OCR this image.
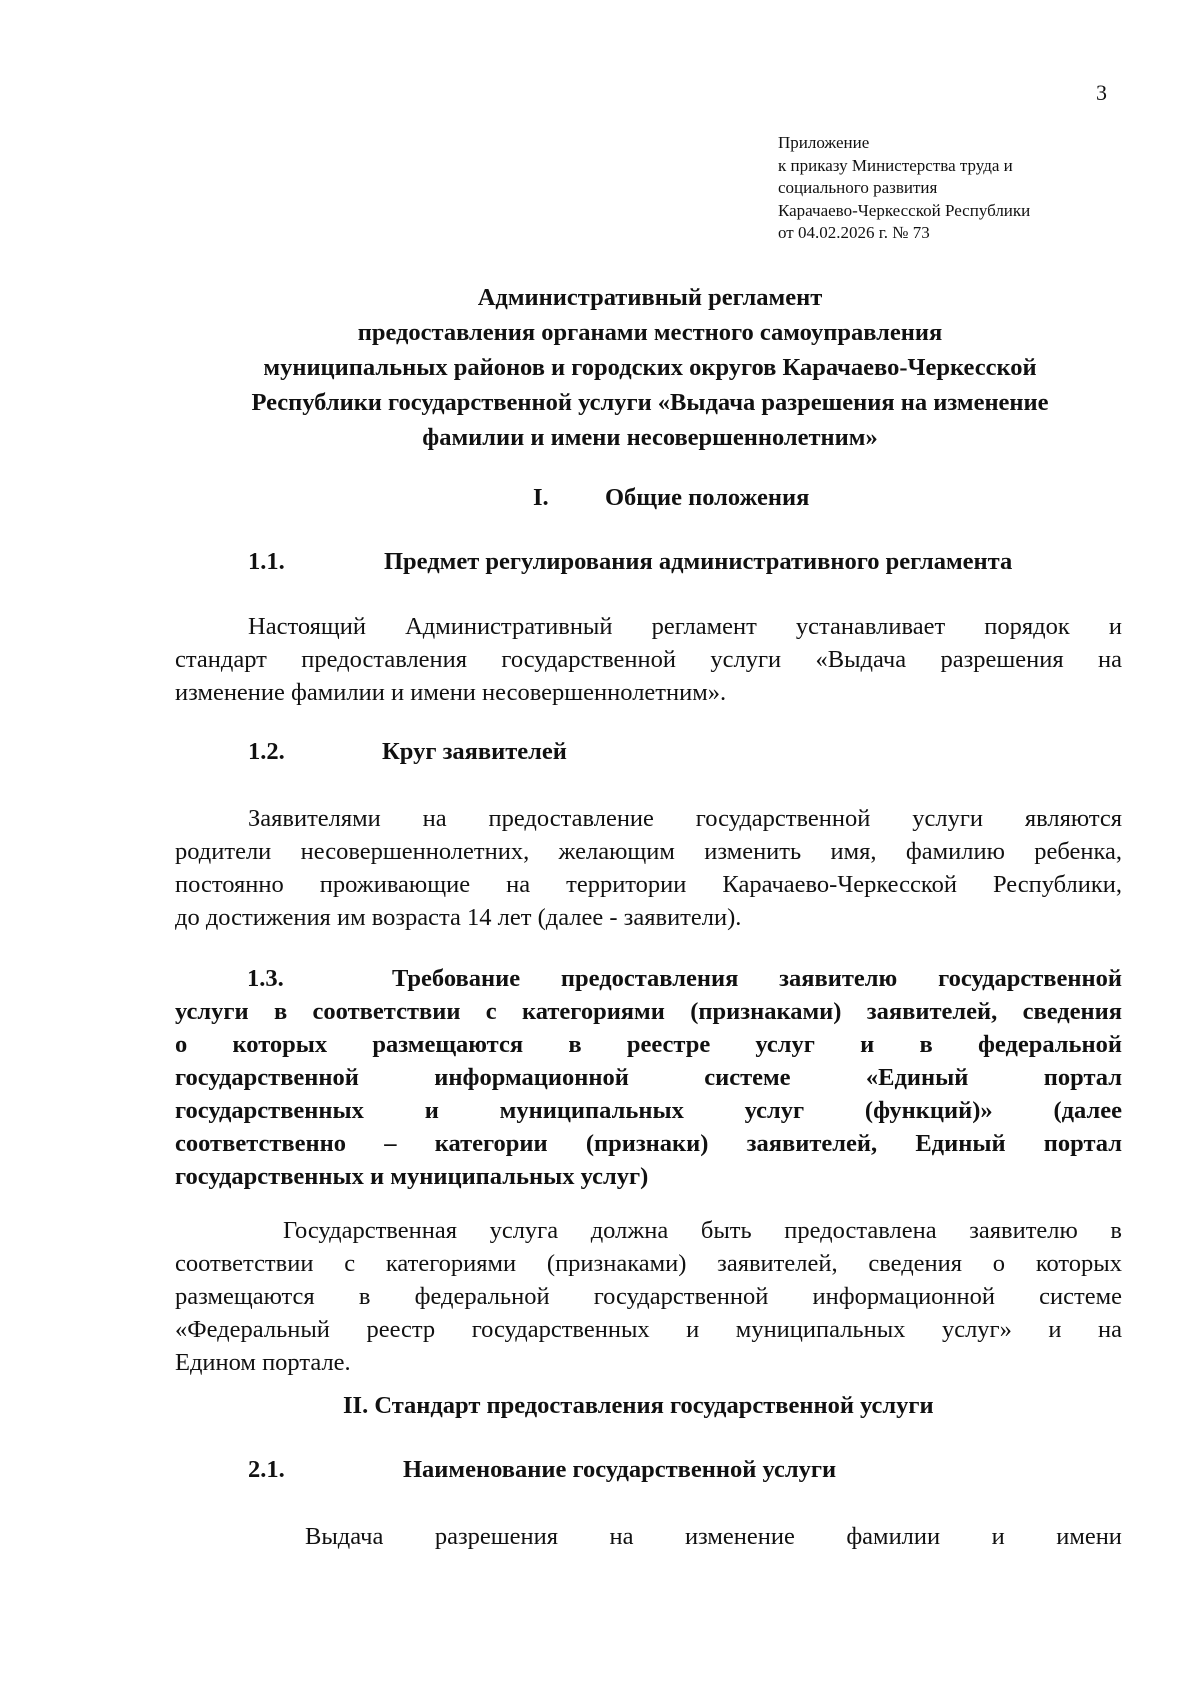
3
Приложение
к приказу Министерства труда и
социального развития
Карачаево-Черкесской Республики
от 04.02.2026 г. № 73
Административный регламент
предоставления органами местного самоуправления
муниципальных районов и городских округов Карачаево-Черкесской
Республики государственной услуги «Выдача разрешения на изменение
фамилии и имени несовершеннолетним»
I. Общие положения
1.1.	Предмет регулирования административного регламента
Настоящий Административный регламент устанавливает порядок и
стандарт предоставления государственной услуги «Выдача разрешения на
изменение фамилии и имени несовершеннолетним».
1.2.	Круг заявителей
Заявителями на предоставление государственной услуги являются
родители несовершеннолетних, желающим изменить имя, фамилию ребенка,
постоянно проживающие на территории Карачаево-Черкесской Республики,
до достижения им возраста 14 лет (далее - заявители).
1.3.	Требование предоставления заявителю государственной
услуги в соответствии с категориями (признаками) заявителей, сведения
о которых размещаются в реестре услуг и в федеральной
государственной информационной системе «Единый портал
государственных и муниципальных услуг (функций)» (далее
соответственно – категории (признаки) заявителей, Единый портал
государственных и муниципальных услуг)
Государственная услуга должна быть предоставлена заявителю в
соответствии с категориями (признаками) заявителей, сведения о которых
размещаются в федеральной государственной информационной системе
«Федеральный реестр государственных и муниципальных услуг» и на
Едином портале.
II. Стандарт предоставления государственной услуги
2.1.	Наименование государственной услуги
Выдача разрешения на изменение фамилии и имени
